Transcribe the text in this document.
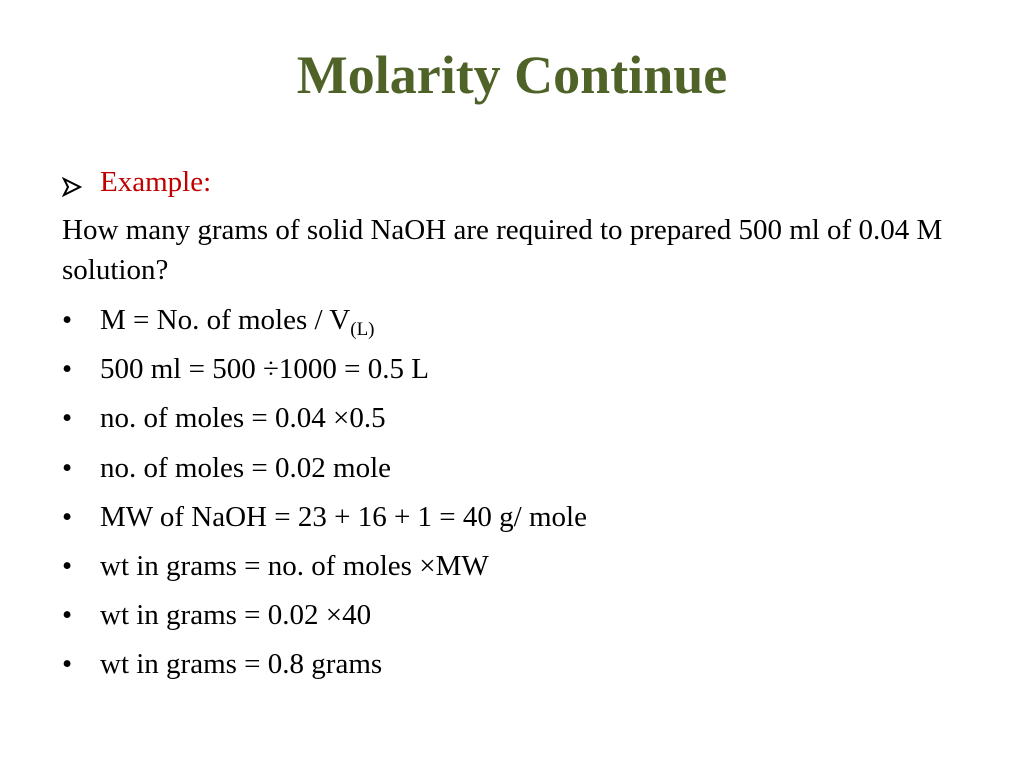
Molarity Continue
Example:
How many grams of solid NaOH are required to prepared 500 ml of 0.04 M solution?
• M = No. of moles / $V_{(L)}$
• 500 ml = 500 ÷1000 = 0.5 L
• no. of moles = 0.04 ×0.5
• no. of moles = 0.02 mole
• MW of NaOH = 23 + 16 + 1 = 40 g/ mole
• wt in grams = no. of moles ×MW
• wt in grams = 0.02 ×40
• wt in grams = 0.8 grams
